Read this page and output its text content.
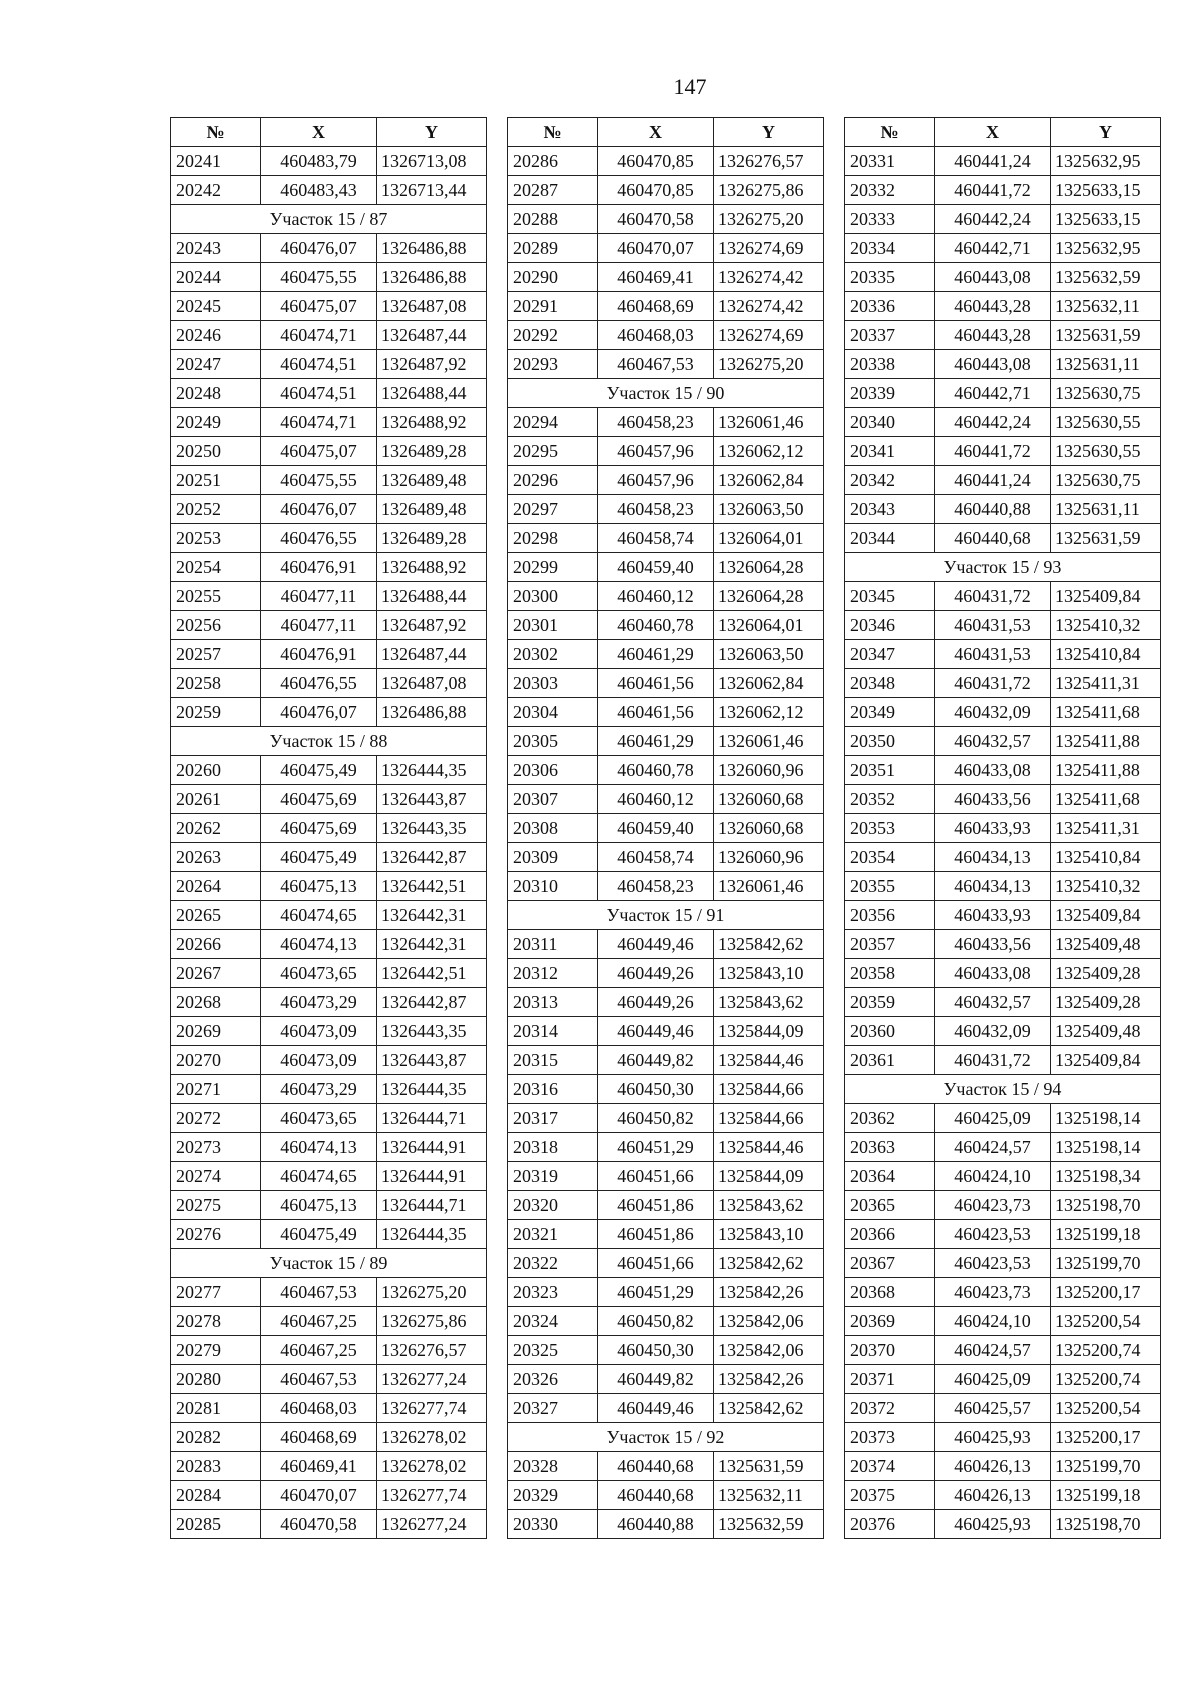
147
№	X	Y
20241	460483,79	1326713,08
20242	460483,43	1326713,44
Участок 15 / 87		
20243	460476,07	1326486,88
20244	460475,55	1326486,88
20245	460475,07	1326487,08
20246	460474,71	1326487,44
20247	460474,51	1326487,92
20248	460474,51	1326488,44
20249	460474,71	1326488,92
20250	460475,07	1326489,28
20251	460475,55	1326489,48
20252	460476,07	1326489,48
20253	460476,55	1326489,28
20254	460476,91	1326488,92
20255	460477,11	1326488,44
20256	460477,11	1326487,92
20257	460476,91	1326487,44
20258	460476,55	1326487,08
20259	460476,07	1326486,88
Участок 15 / 88		
20260	460475,49	1326444,35
20261	460475,69	1326443,87
20262	460475,69	1326443,35
20263	460475,49	1326442,87
20264	460475,13	1326442,51
20265	460474,65	1326442,31
20266	460474,13	1326442,31
20267	460473,65	1326442,51
20268	460473,29	1326442,87
20269	460473,09	1326443,35
20270	460473,09	1326443,87
20271	460473,29	1326444,35
20272	460473,65	1326444,71
20273	460474,13	1326444,91
20274	460474,65	1326444,91
20275	460475,13	1326444,71
20276	460475,49	1326444,35
Участок 15 / 89		
20277	460467,53	1326275,20
20278	460467,25	1326275,86
20279	460467,25	1326276,57
20280	460467,53	1326277,24
20281	460468,03	1326277,74
20282	460468,69	1326278,02
20283	460469,41	1326278,02
20284	460470,07	1326277,74
20285	460470,58	1326277,24
№	X	Y
20286	460470,85	1326276,57
20287	460470,85	1326275,86
20288	460470,58	1326275,20
20289	460470,07	1326274,69
20290	460469,41	1326274,42
20291	460468,69	1326274,42
20292	460468,03	1326274,69
20293	460467,53	1326275,20
Участок 15 / 90		
20294	460458,23	1326061,46
20295	460457,96	1326062,12
20296	460457,96	1326062,84
20297	460458,23	1326063,50
20298	460458,74	1326064,01
20299	460459,40	1326064,28
20300	460460,12	1326064,28
20301	460460,78	1326064,01
20302	460461,29	1326063,50
20303	460461,56	1326062,84
20304	460461,56	1326062,12
20305	460461,29	1326061,46
20306	460460,78	1326060,96
20307	460460,12	1326060,68
20308	460459,40	1326060,68
20309	460458,74	1326060,96
20310	460458,23	1326061,46
Участок 15 / 91		
20311	460449,46	1325842,62
20312	460449,26	1325843,10
20313	460449,26	1325843,62
20314	460449,46	1325844,09
20315	460449,82	1325844,46
20316	460450,30	1325844,66
20317	460450,82	1325844,66
20318	460451,29	1325844,46
20319	460451,66	1325844,09
20320	460451,86	1325843,62
20321	460451,86	1325843,10
20322	460451,66	1325842,62
20323	460451,29	1325842,26
20324	460450,82	1325842,06
20325	460450,30	1325842,06
20326	460449,82	1325842,26
20327	460449,46	1325842,62
Участок 15 / 92		
20328	460440,68	1325631,59
20329	460440,68	1325632,11
20330	460440,88	1325632,59
№	X	Y
20331	460441,24	1325632,95
20332	460441,72	1325633,15
20333	460442,24	1325633,15
20334	460442,71	1325632,95
20335	460443,08	1325632,59
20336	460443,28	1325632,11
20337	460443,28	1325631,59
20338	460443,08	1325631,11
20339	460442,71	1325630,75
20340	460442,24	1325630,55
20341	460441,72	1325630,55
20342	460441,24	1325630,75
20343	460440,88	1325631,11
20344	460440,68	1325631,59
Участок 15 / 93		
20345	460431,72	1325409,84
20346	460431,53	1325410,32
20347	460431,53	1325410,84
20348	460431,72	1325411,31
20349	460432,09	1325411,68
20350	460432,57	1325411,88
20351	460433,08	1325411,88
20352	460433,56	1325411,68
20353	460433,93	1325411,31
20354	460434,13	1325410,84
20355	460434,13	1325410,32
20356	460433,93	1325409,84
20357	460433,56	1325409,48
20358	460433,08	1325409,28
20359	460432,57	1325409,28
20360	460432,09	1325409,48
20361	460431,72	1325409,84
Участок 15 / 94		
20362	460425,09	1325198,14
20363	460424,57	1325198,14
20364	460424,10	1325198,34
20365	460423,73	1325198,70
20366	460423,53	1325199,18
20367	460423,53	1325199,70
20368	460423,73	1325200,17
20369	460424,10	1325200,54
20370	460424,57	1325200,74
20371	460425,09	1325200,74
20372	460425,57	1325200,54
20373	460425,93	1325200,17
20374	460426,13	1325199,70
20375	460426,13	1325199,18
20376	460425,93	1325198,70
